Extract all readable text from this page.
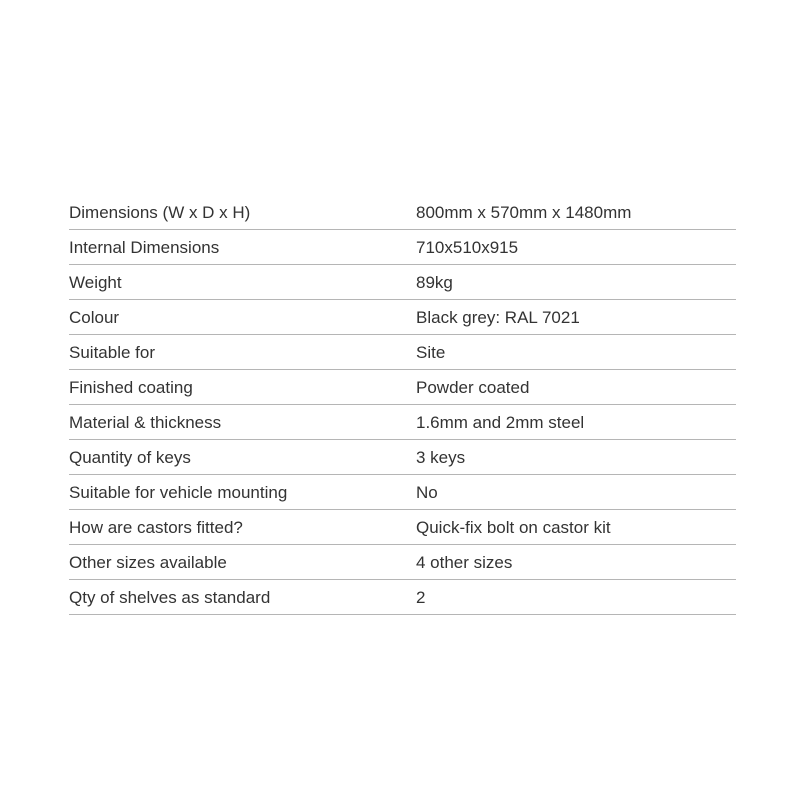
Dimensions (W x D x H)	800mm x 570mm x 1480mm
Internal Dimensions	710x510x915
Weight	89kg
Colour	Black grey: RAL 7021
Suitable for	Site
Finished coating	Powder coated
Material & thickness	1.6mm and 2mm steel
Quantity of keys	3 keys
Suitable for vehicle mounting	No
How are castors fitted?	Quick-fix bolt on castor kit
Other sizes available	4 other sizes
Qty of shelves as standard	2
